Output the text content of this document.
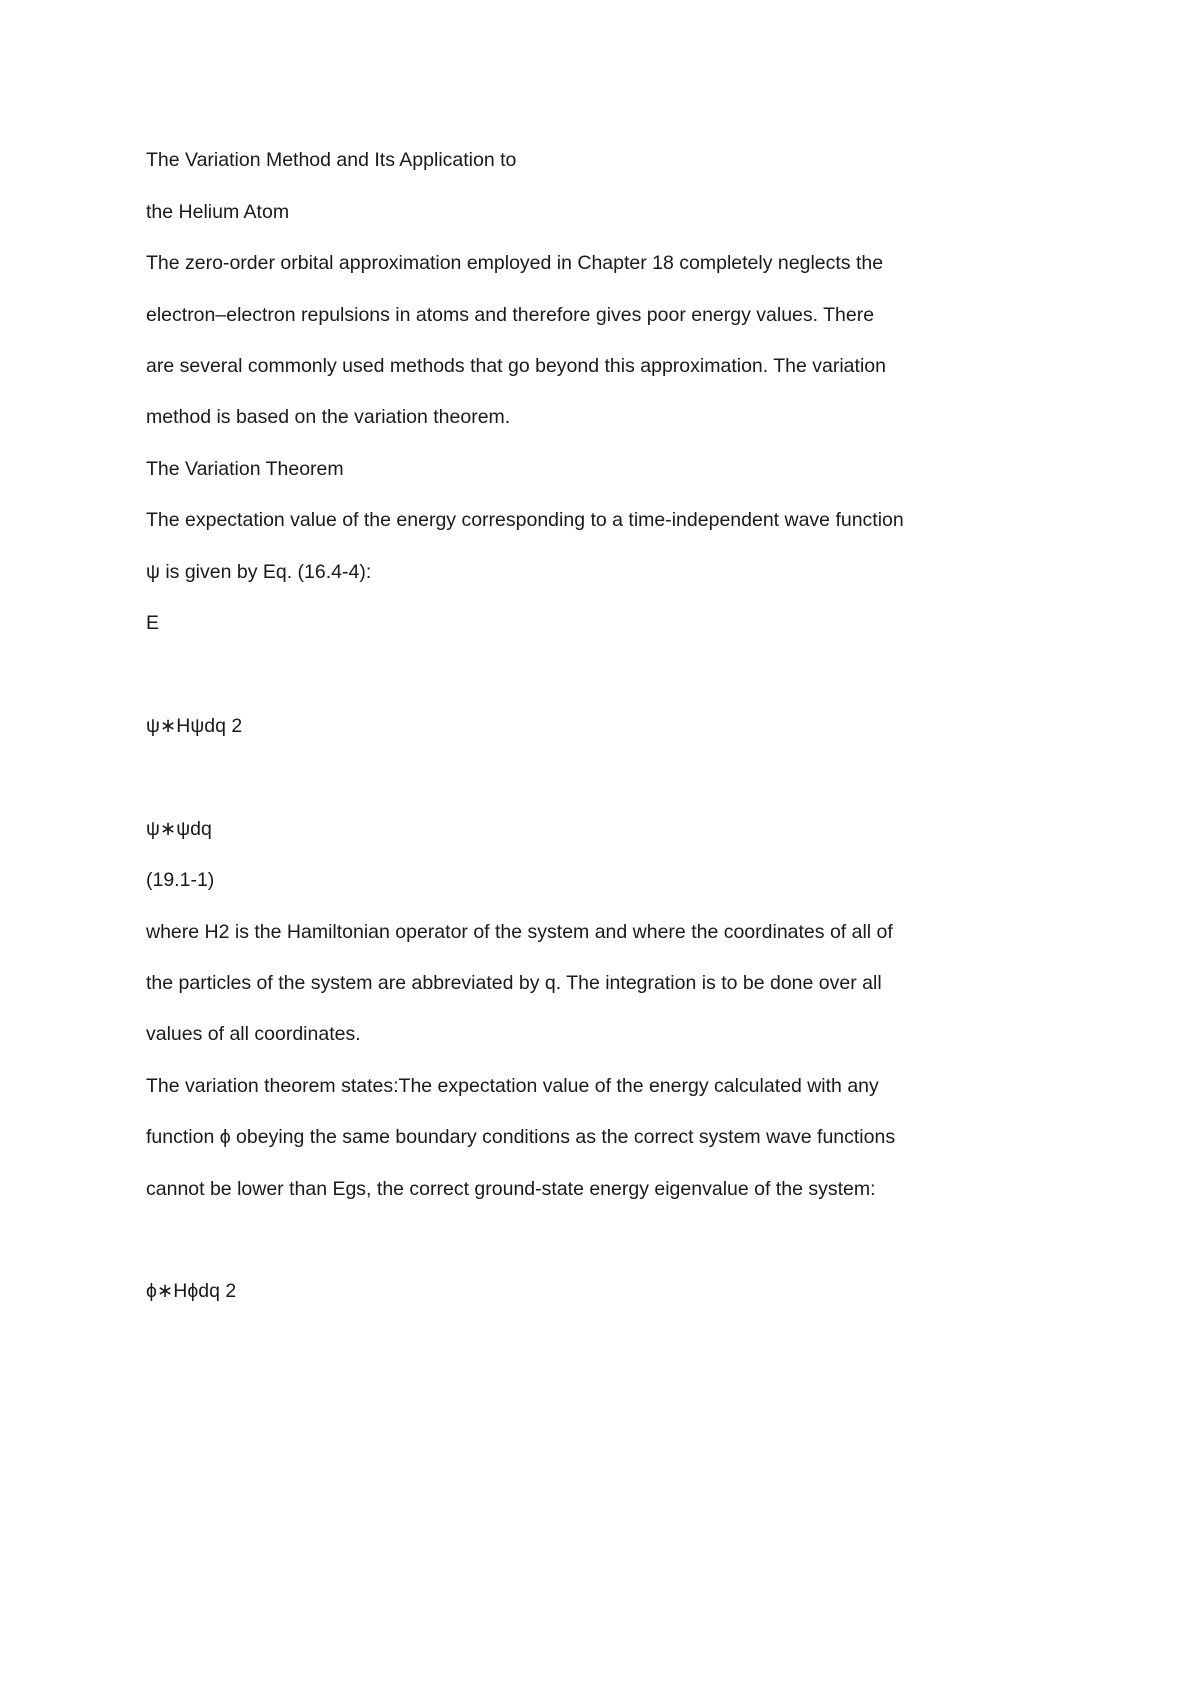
The Variation Method and Its Application to
the Helium Atom
The zero-order orbital approximation employed in Chapter 18 completely neglects the
electron–electron repulsions in atoms and therefore gives poor energy values. There
are several commonly used methods that go beyond this approximation. The variation
method is based on the variation theorem.
The Variation Theorem
The expectation value of the energy corresponding to a time-independent wave function
ψ is given by Eq. (16.4-4):
E
ψ∗Hψdq 2
ψ∗ψdq
(19.1-1)
where H2 is the Hamiltonian operator of the system and where the coordinates of all of
the particles of the system are abbreviated by q. The integration is to be done over all
values of all coordinates.
The variation theorem states:The expectation value of the energy calculated with any
function ϕ obeying the same boundary conditions as the correct system wave functions
cannot be lower than Egs, the correct ground-state energy eigenvalue of the system:
ϕ∗Hϕdq 2
